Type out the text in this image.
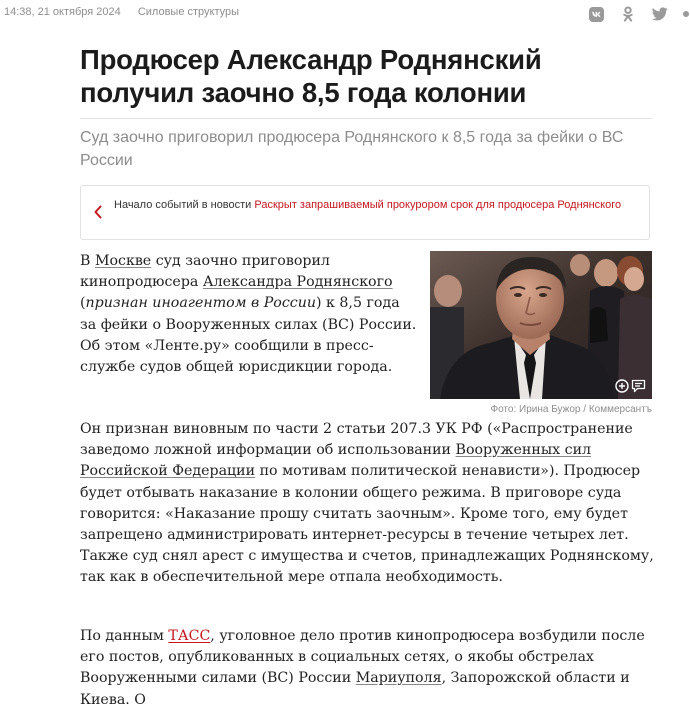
14:38, 21 октября 2024 Силовые структуры
Продюсер Александр Роднянский получил заочно 8,5 года колонии

Суд заочно приговорил продюсера Роднянского к 8,5 года за фейки о ВС России

Начало событий в новости Раскрыт запрашиваемый прокурором срок для продюсера Роднянского
Фото: Ирина Бужор / Коммерсантъ

В Москве суд заочно приговорил кинопродюсера Александра Роднянского (признан иноагентом в России) к 8,5 года за фейки о Вооруженных силах (ВС) России. Об этом «Ленте.ру» сообщили в пресс-службе судов общей юрисдикции города.

Он признан виновным по части 2 статьи 207.3 УК РФ («Распространение заведомо ложной информации об использовании Вооруженных сил Российской Федерации по мотивам политической ненависти»). Продюсер будет отбывать наказание в колонии общего режима. В приговоре суда говорится: «Наказание прошу считать заочным». Кроме того, ему будет запрещено администрировать интернет-ресурсы в течение четырех лет. Также суд снял арест с имущества и счетов, принадлежащих Роднянскому, так как в обеспечительной мере отпала необходимость.

По данным ТАСС, уголовное дело против кинопродюсера возбудили после его постов, опубликованных в социальных сетях, о якобы обстрелах Вооруженными силами (ВС) России Мариуполя, Запорожской области и Киева. О
